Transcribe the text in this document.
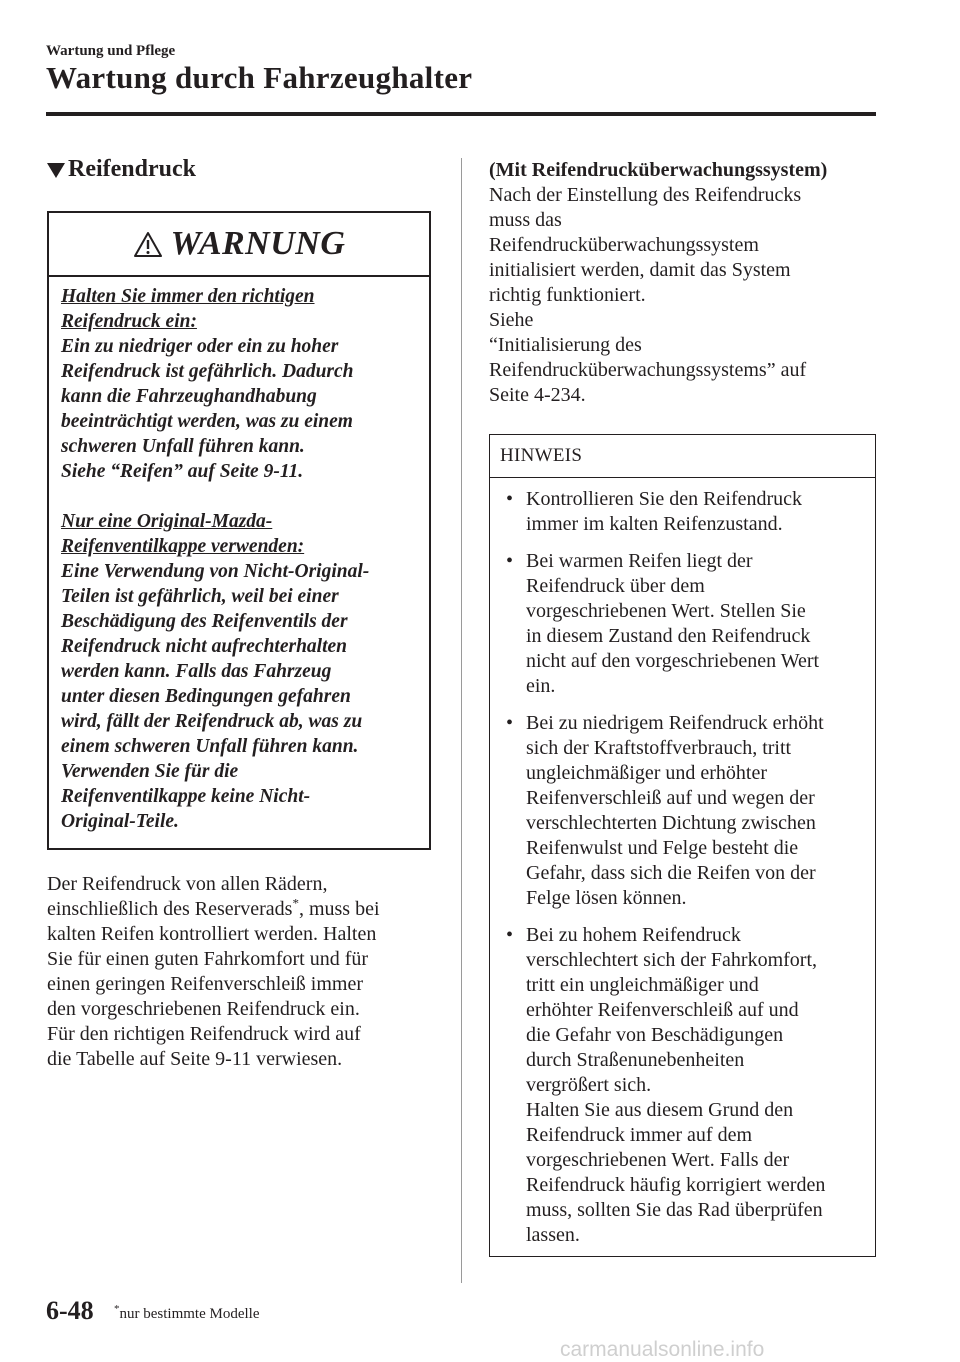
Wartung und Pflege
Wartung durch Fahrzeughalter
Reifendruck
WARNUNG

Halten Sie immer den richtigen

Reifendruck ein:

Ein zu niedriger oder ein zu hoher

Reifendruck ist gefährlich. Dadurch

kann die Fahrzeughandhabung

beeinträchtigt werden, was zu einem

schweren Unfall führen kann.

Siehe “Reifen” auf Seite 9-11.

Nur eine Original-Mazda-

Reifenventilkappe verwenden:

Eine Verwendung von Nicht-Original-

Teilen ist gefährlich, weil bei einer

Beschädigung des Reifenventils der

Reifendruck nicht aufrechterhalten

werden kann. Falls das Fahrzeug

unter diesen Bedingungen gefahren

wird, fällt der Reifendruck ab, was zu

einem schweren Unfall führen kann.

Verwenden Sie für die

Reifenventilkappe keine Nicht-

Original-Teile.

Der Reifendruck von allen Rädern,

einschließlich des Reserverads*, muss bei

kalten Reifen kontrolliert werden. Halten

Sie für einen guten Fahrkomfort und für

einen geringen Reifenverschleiß immer

den vorgeschriebenen Reifendruck ein.

Für den richtigen Reifendruck wird auf

die Tabelle auf Seite 9-11 verwiesen.

(Mit Reifendrucküberwachungssystem)

Nach der Einstellung des Reifendrucks

muss das

Reifendrucküberwachungssystem

initialisiert werden, damit das System

richtig funktioniert.

Siehe

“Initialisierung des

Reifendrucküberwachungssystems” auf

Seite 4-234.

HINWEIS
• Kontrollieren Sie den Reifendruck
immer im kalten Reifenzustand.
• Bei warmen Reifen liegt der
Reifendruck über dem
vorgeschriebenen Wert. Stellen Sie
in diesem Zustand den Reifendruck
nicht auf den vorgeschriebenen Wert
ein.
• Bei zu niedrigem Reifendruck erhöht
sich der Kraftstoffverbrauch, tritt
ungleichmäßiger und erhöhter
Reifenverschleiß auf und wegen der
verschlechterten Dichtung zwischen
Reifenwulst und Felge besteht die
Gefahr, dass sich die Reifen von der
Felge lösen können.
• Bei zu hohem Reifendruck
verschlechtert sich der Fahrkomfort,
tritt ein ungleichmäßiger und
erhöhter Reifenverschleiß auf und
die Gefahr von Beschädigungen
durch Straßenunebenheiten
vergrößert sich.
Halten Sie aus diesem Grund den
Reifendruck immer auf dem
vorgeschriebenen Wert. Falls der
Reifendruck häufig korrigiert werden
muss, sollten Sie das Rad überprüfen
lassen.
6-48 *nur bestimmte Modelle
carmanualsonline.info
